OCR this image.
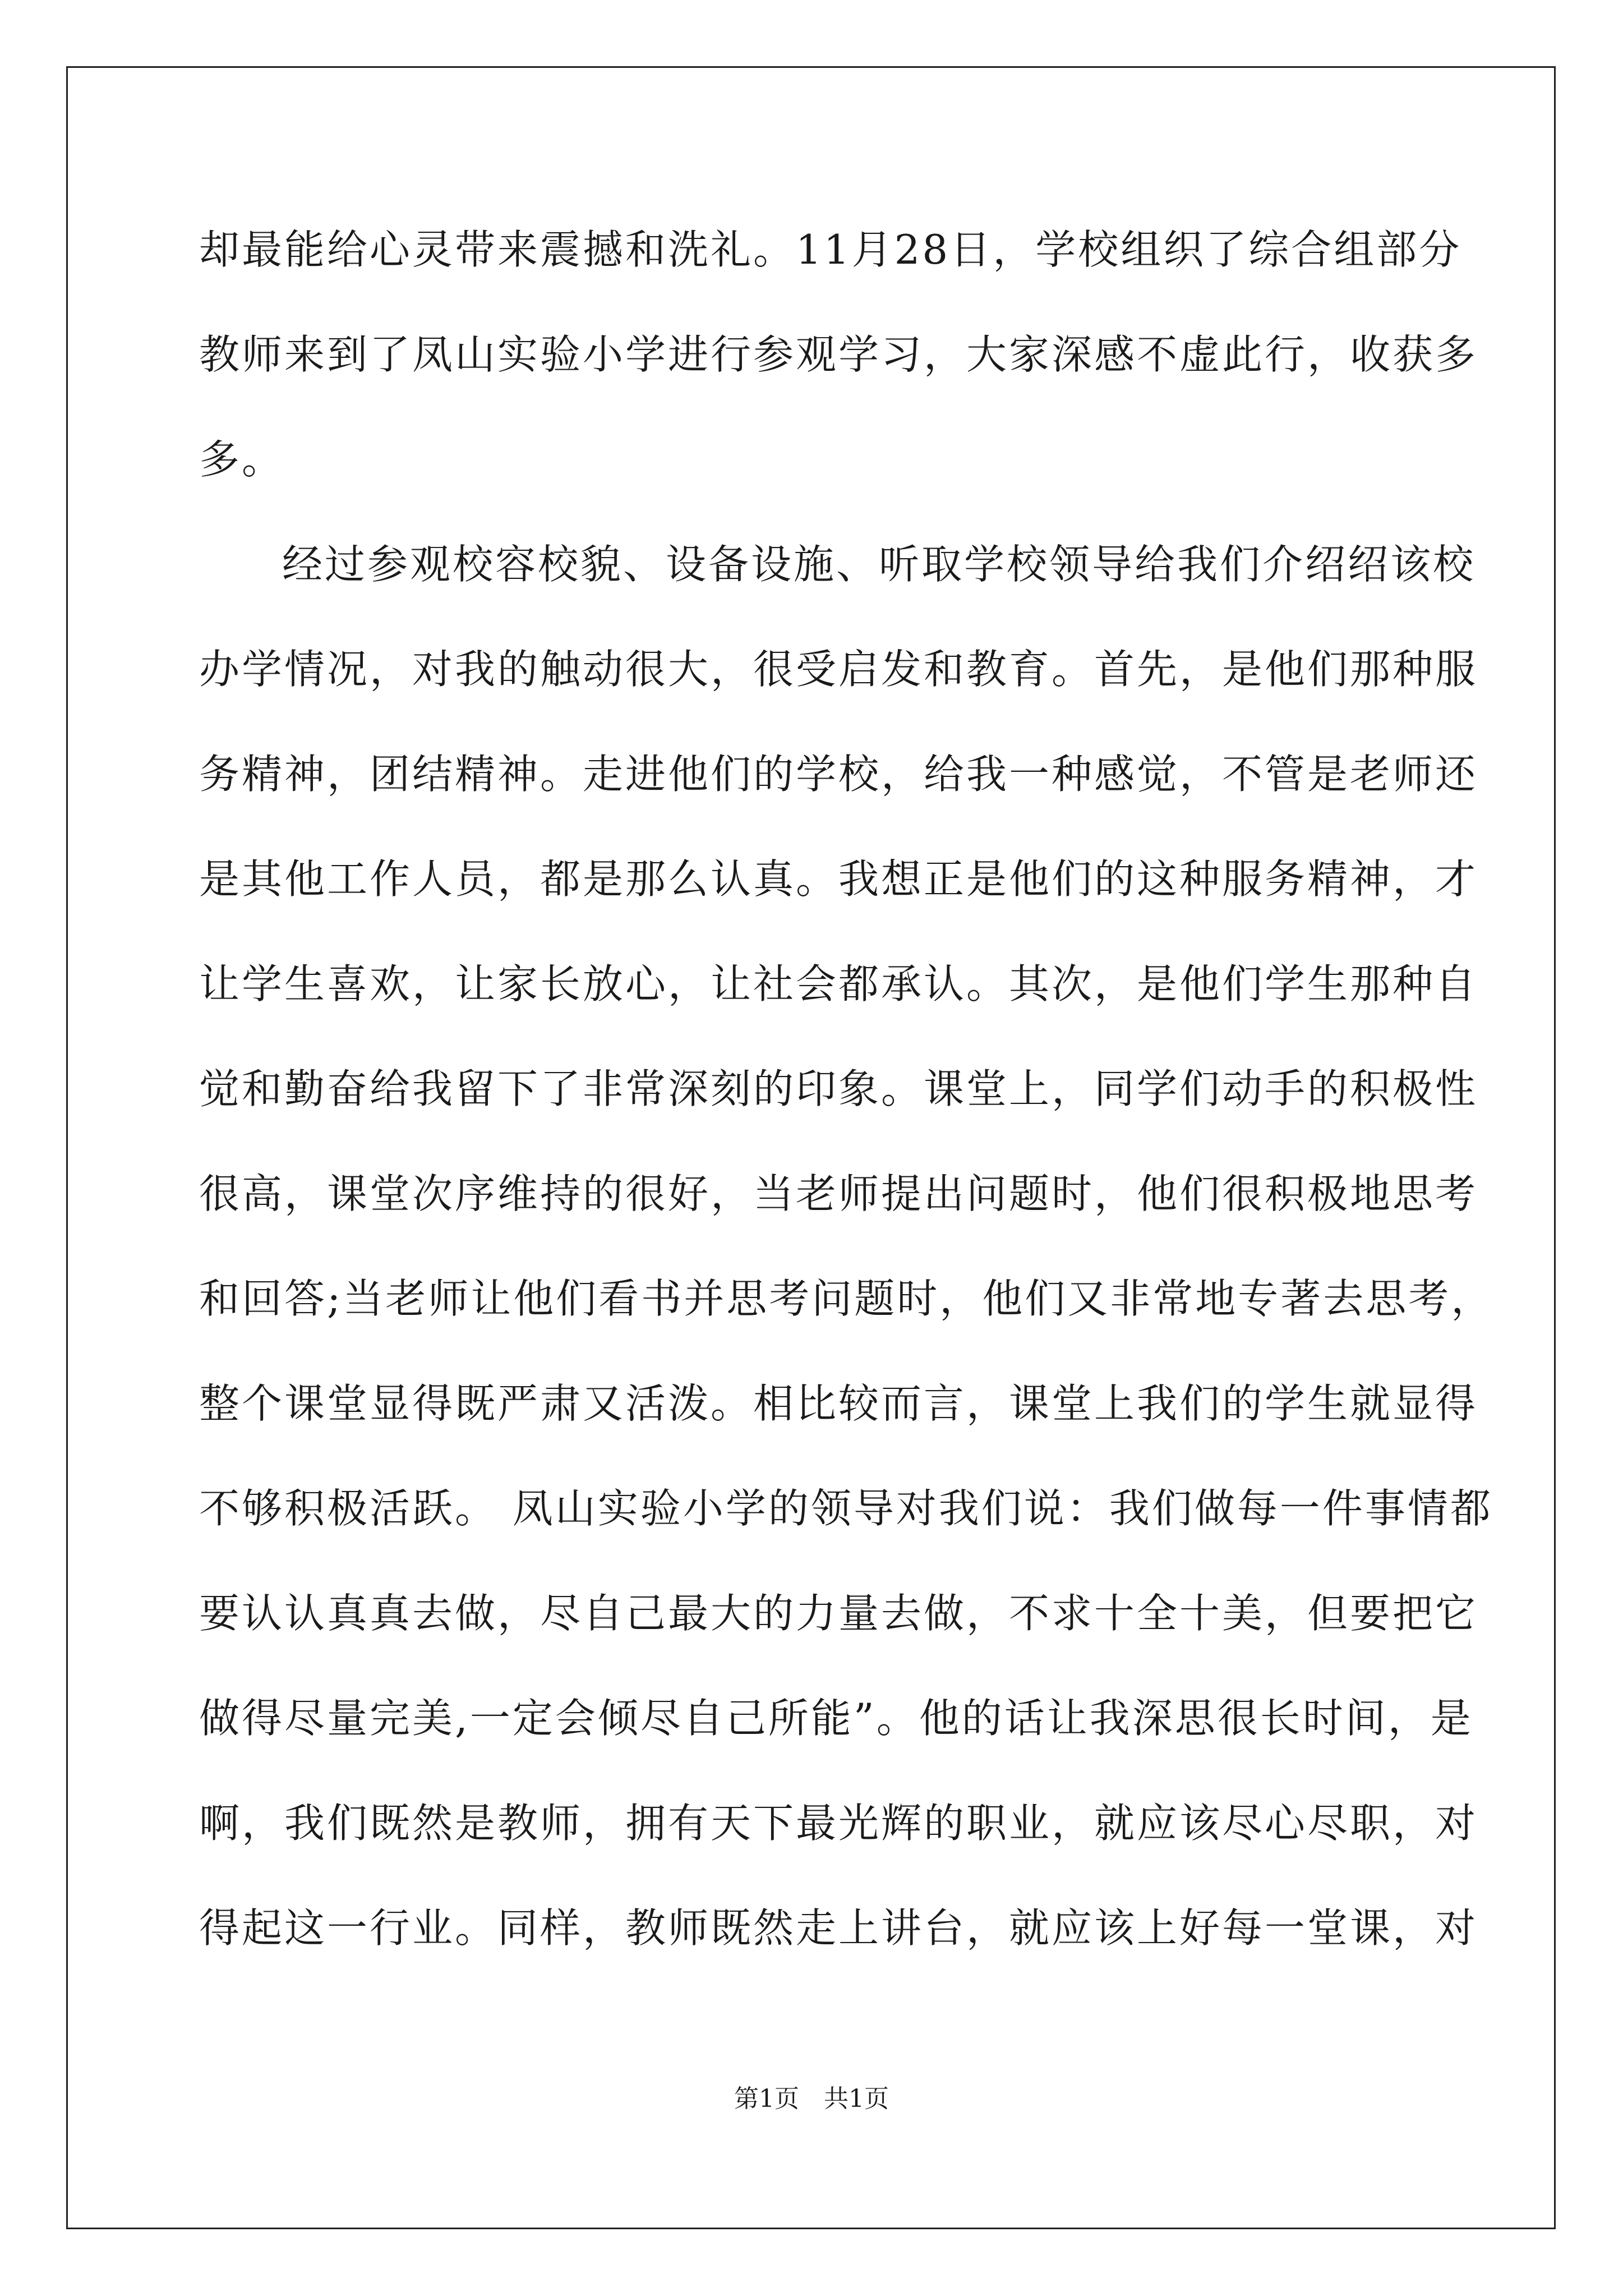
却最能给心灵带来震撼和洗礼。11月28日，学校组织了综合组部分
教师来到了凤山实验小学进行参观学习，大家深感不虚此行，收获多
多。
经过参观校容校貌、设备设施、听取学校领导给我们介绍绍该校
办学情况，对我的触动很大，很受启发和教育。首先，是他们那种服
务精神，团结精神。走进他们的学校，给我一种感觉，不管是老师还
是其他工作人员，都是那么认真。我想正是他们的这种服务精神，才
让学生喜欢，让家长放心，让社会都承认。其次，是他们学生那种自
觉和勤奋给我留下了非常深刻的印象。课堂上，同学们动手的积极性
很高，课堂次序维持的很好，当老师提出问题时，他们很积极地思考
和回答;当老师让他们看书并思考问题时，他们又非常地专著去思考，
整个课堂显得既严肃又活泼。相比较而言，课堂上我们的学生就显得
不够积极活跃。 凤山实验小学的领导对我们说：我们做每一件事情都
要认认真真去做，尽自己最大的力量去做，不求十全十美，但要把它
做得尽量完美,一定会倾尽自己所能”。他的话让我深思很长时间，是
啊，我们既然是教师，拥有天下最光辉的职业，就应该尽心尽职，对
得起这一行业。同样，教师既然走上讲台，就应该上好每一堂课，对
第1页　共1页
